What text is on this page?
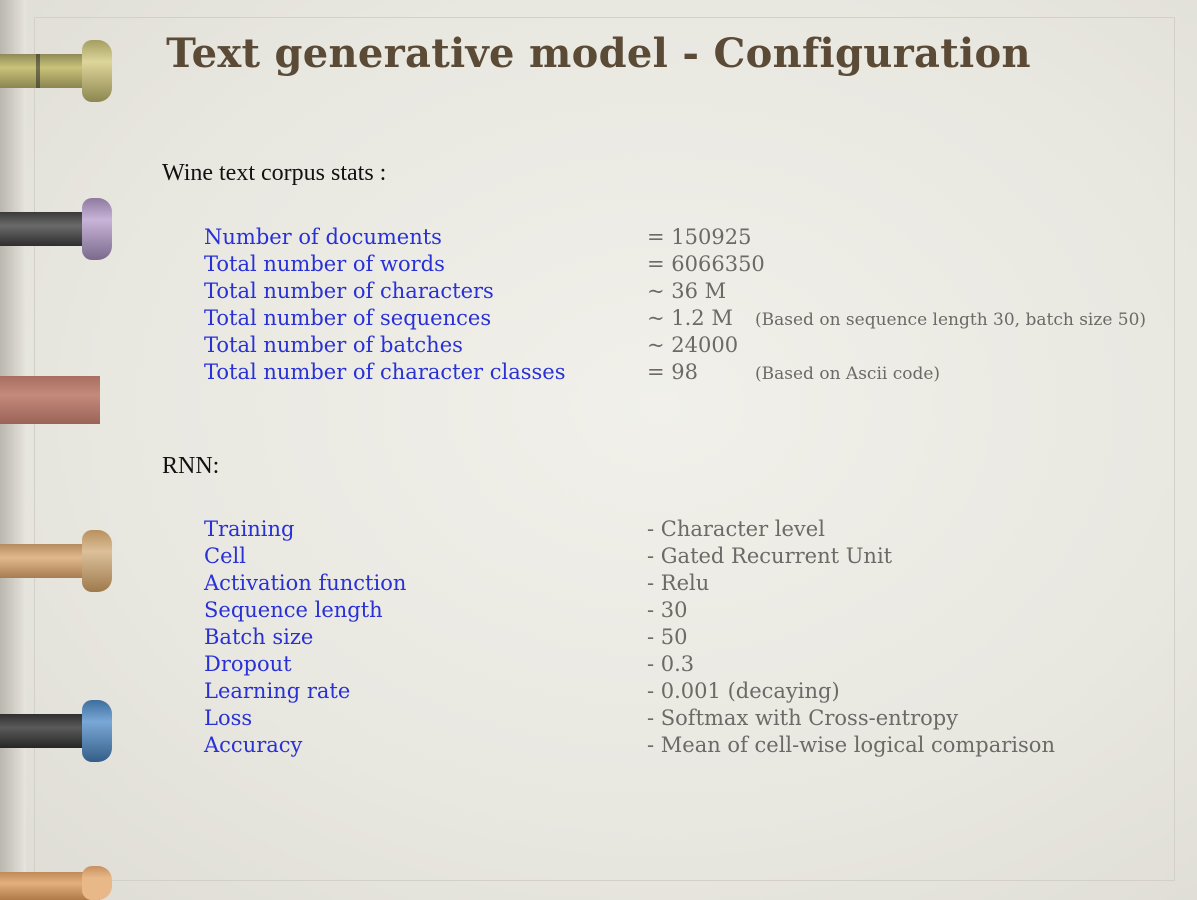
Text generative model - Configuration
Wine text corpus stats :
Number of documents	= 150925
Total number of words	= 6066350
Total number of characters	~ 36 M
Total number of sequences	~ 1.2 M (Based on sequence length 30, batch size 50)
Total number of batches	~ 24000
Total number of character classes	= 98	(Based on Ascii code)
RNN:
Training	- Character level
Cell	- Gated Recurrent Unit
Activation function	- Relu
Sequence length	- 30
Batch size	- 50
Dropout	- 0.3
Learning rate	- 0.001 (decaying)
Loss	- Softmax with Cross-entropy
Accuracy	- Mean of cell-wise logical comparison
